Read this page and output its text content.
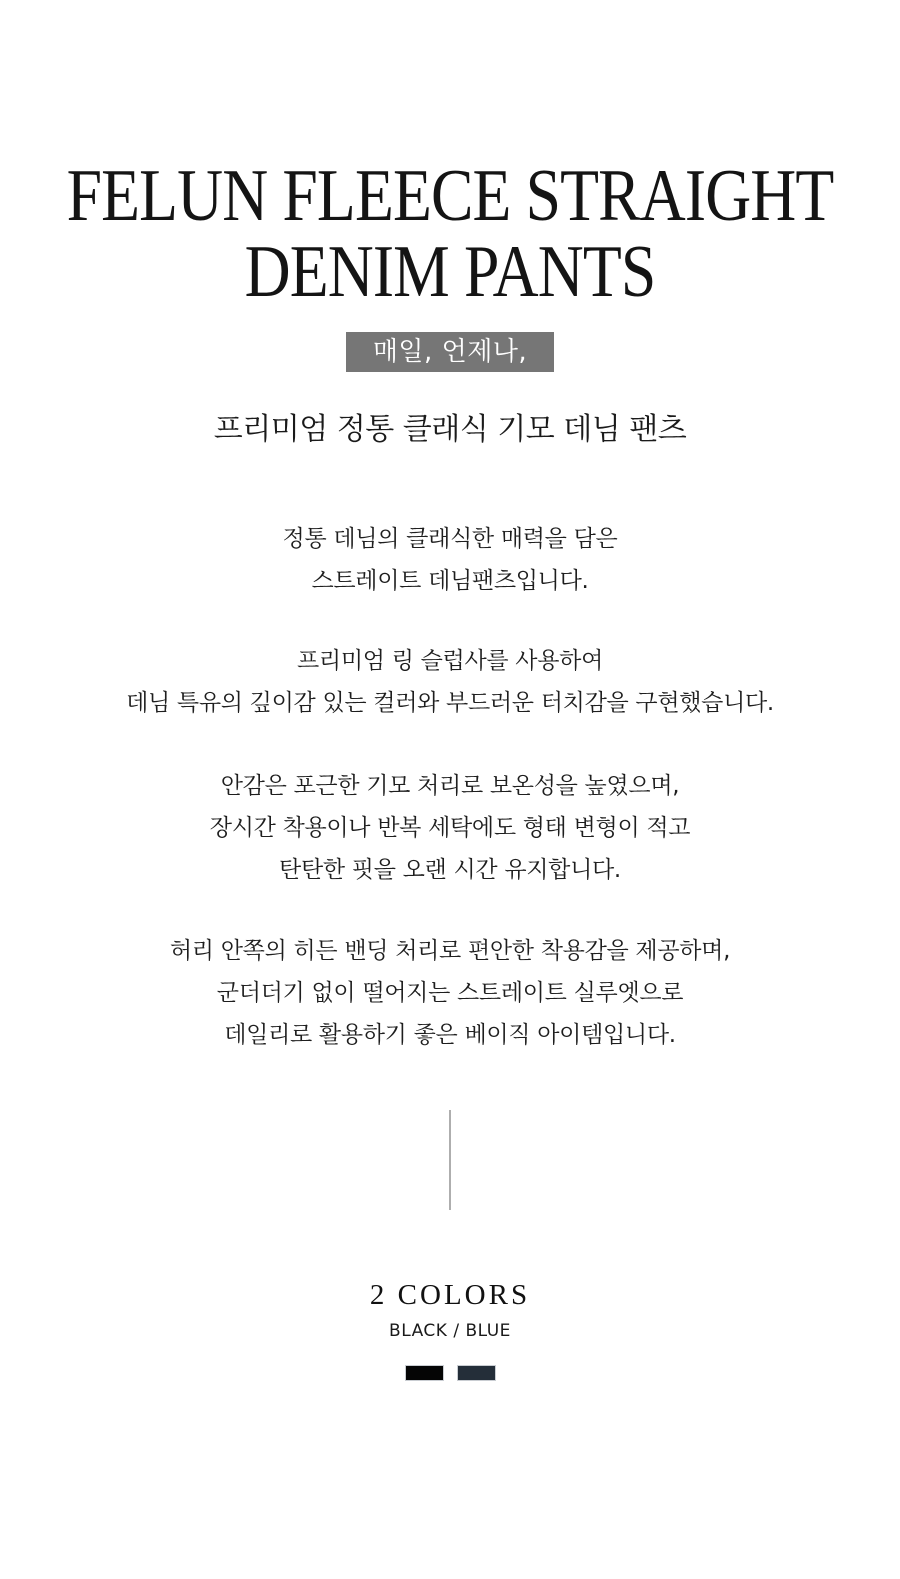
FELUN FLEECE STRAIGHT
DENIM PANTS
매일, 언제나,
프리미엄 정통 클래식 기모 데님 팬츠

정통 데님의 클래식한 매력을 담은
스트레이트 데님팬츠입니다.

프리미엄 링 슬럽사를 사용하여
데님 특유의 깊이감 있는 컬러와 부드러운 터치감을 구현했습니다.

안감은 포근한 기모 처리로 보온성을 높였으며,
장시간 착용이나 반복 세탁에도 형태 변형이 적고
탄탄한 핏을 오랜 시간 유지합니다.

허리 안쪽의 히든 밴딩 처리로 편안한 착용감을 제공하며,
군더더기 없이 떨어지는 스트레이트 실루엣으로
데일리로 활용하기 좋은 베이직 아이템입니다.

2 COLORS
BLACK / BLUE
